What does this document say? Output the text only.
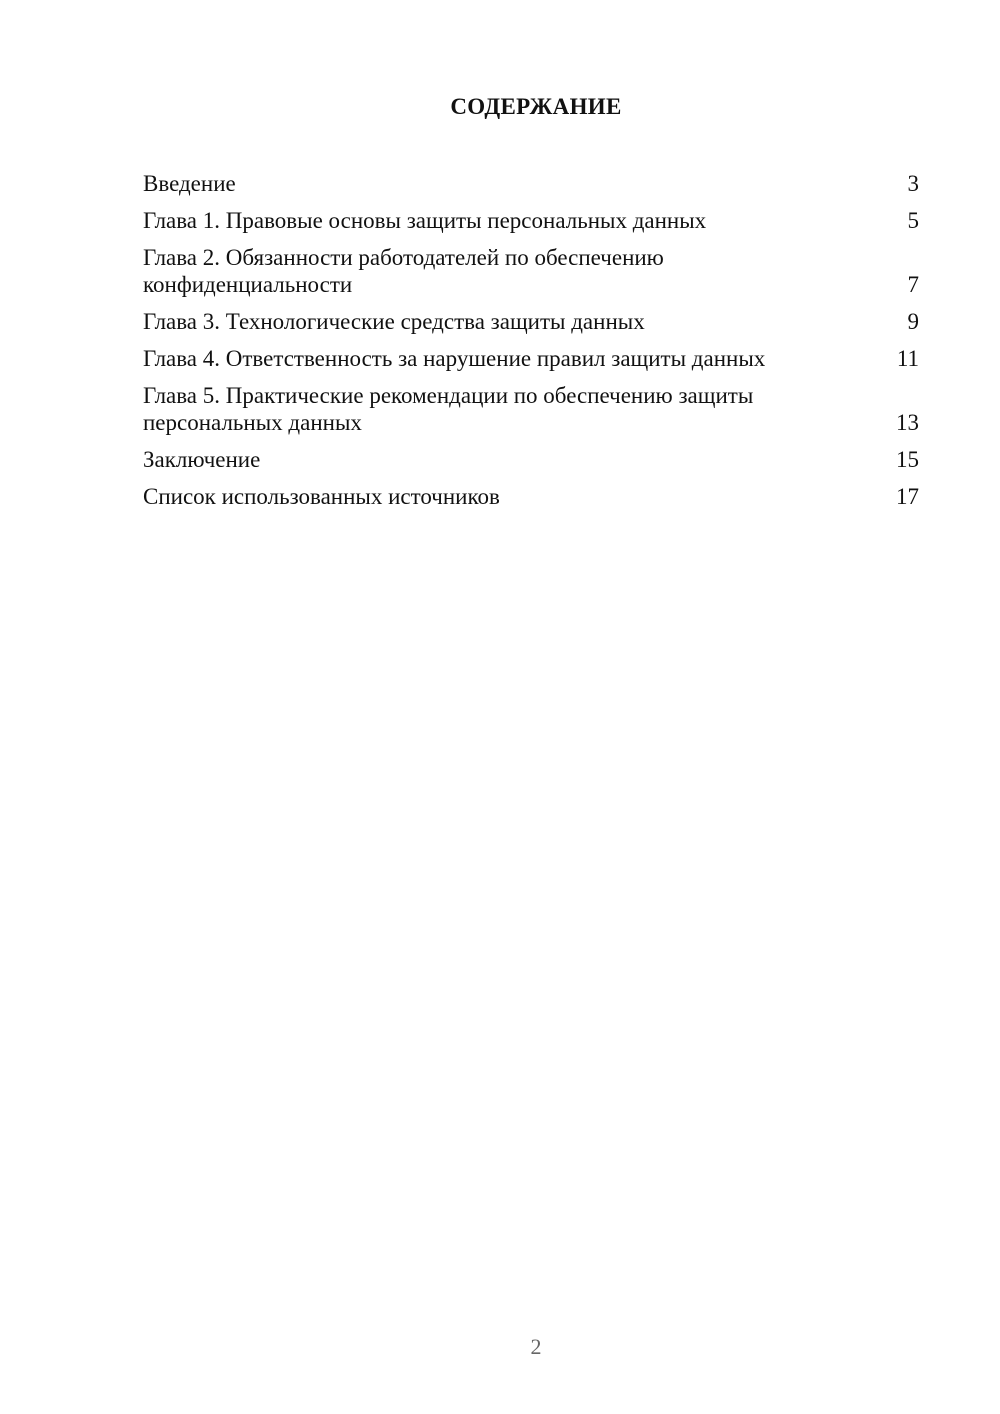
СОДЕРЖАНИЕ
Введение	3
Глава 1. Правовые основы защиты персональных данных	5
Глава 2. Обязанности работодателей по обеспечению конфиденциальности	7
Глава 3. Технологические средства защиты данных	9
Глава 4. Ответственность за нарушение правил защиты данных	11
Глава 5. Практические рекомендации по обеспечению защиты персональных данных	13
Заключение	15
Список использованных источников	17
2
